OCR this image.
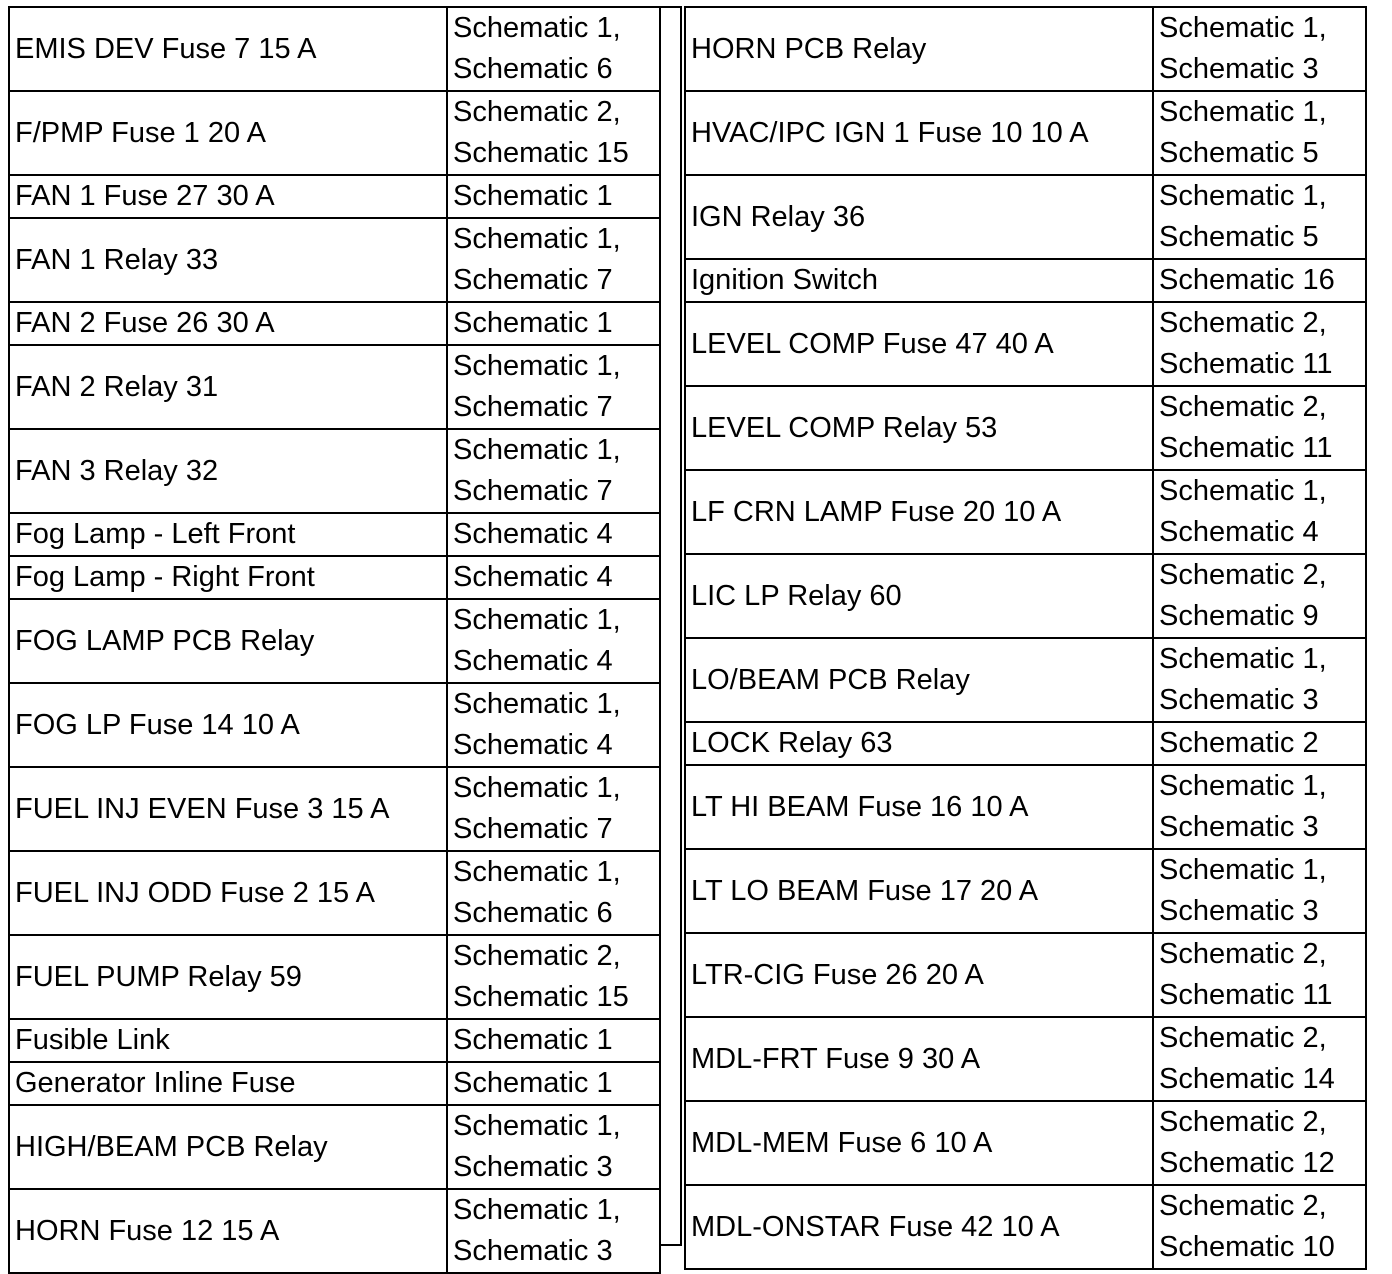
EMIS DEV Fuse 7 15 A	Schematic 1,
Schematic 6

F/PMP Fuse 1 20 A	Schematic 2,
Schematic 15

FAN 1 Fuse 27 30 A	Schematic 1

FAN 1 Relay 33	Schematic 1,
Schematic 7

FAN 2 Fuse 26 30 A	Schematic 1

FAN 2 Relay 31	Schematic 1,
Schematic 7

FAN 3 Relay 32	Schematic 1,
Schematic 7

Fog Lamp - Left Front	Schematic 4

Fog Lamp - Right Front	Schematic 4

FOG LAMP PCB Relay	Schematic 1,
Schematic 4

FOG LP Fuse 14 10 A	Schematic 1,
Schematic 4

FUEL INJ EVEN Fuse 3 15 A	Schematic 1,
Schematic 7

FUEL INJ ODD Fuse 2 15 A	Schematic 1,
Schematic 6

FUEL PUMP Relay 59	Schematic 2,
Schematic 15

Fusible Link	Schematic 1

Generator Inline Fuse	Schematic 1

HIGH/BEAM PCB Relay	Schematic 1,
Schematic 3

HORN Fuse 12 15 A	Schematic 1,
Schematic 3
HORN PCB Relay	Schematic 1,
Schematic 3

HVAC/IPC IGN 1 Fuse 10 10 A	Schematic 1,
Schematic 5

IGN Relay 36	Schematic 1,
Schematic 5

Ignition Switch	Schematic 16

LEVEL COMP Fuse 47 40 A	Schematic 2,
Schematic 11

LEVEL COMP Relay 53	Schematic 2,
Schematic 11

LF CRN LAMP Fuse 20 10 A	Schematic 1,
Schematic 4

LIC LP Relay 60	Schematic 2,
Schematic 9

LO/BEAM PCB Relay	Schematic 1,
Schematic 3

LOCK Relay 63	Schematic 2

LT HI BEAM Fuse 16 10 A	Schematic 1,
Schematic 3

LT LO BEAM Fuse 17 20 A	Schematic 1,
Schematic 3

LTR-CIG Fuse 26 20 A	Schematic 2,
Schematic 11

MDL-FRT Fuse 9 30 A	Schematic 2,
Schematic 14

MDL-MEM Fuse 6 10 A	Schematic 2,
Schematic 12

MDL-ONSTAR Fuse 42 10 A	Schematic 2,
Schematic 10
